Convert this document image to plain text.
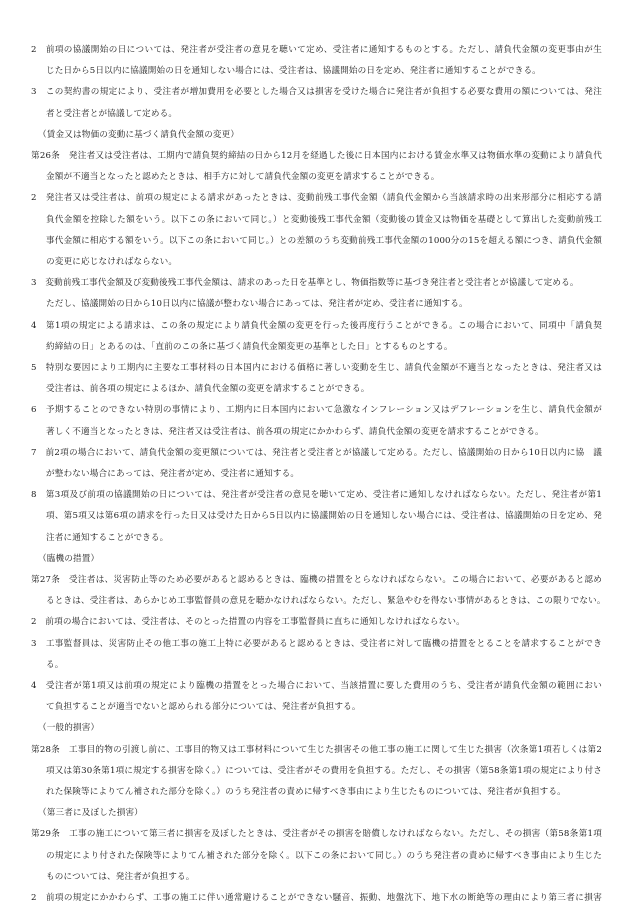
2　前項の協議開始の日については、発注者が受注者の意見を聴いて定め、受注者に通知するものとする。ただし、請負代金額の変更事由が生
じた日から5日以内に協議開始の日を通知しない場合には、受注者は、協議開始の日を定め、発注者に通知することができる。
3　この契約書の規定により、受注者が増加費用を必要とした場合又は損害を受けた場合に発注者が負担する必要な費用の額については、発注
者と受注者とが協議して定める。
（賃金又は物価の変動に基づく請負代金額の変更）
第26条　発注者又は受注者は、工期内で請負契約締結の日から12月を経過した後に日本国内における賃金水準又は物価水準の変動により請負代
金額が不適当となったと認めたときは、相手方に対して請負代金額の変更を請求することができる。
2　発注者又は受注者は、前項の規定による請求があったときは、変動前残工事代金額（請負代金額から当該請求時の出来形部分に相応する請
負代金額を控除した額をいう。以下この条において同じ。）と変動後残工事代金額（変動後の賃金又は物価を基礎として算出した変動前残工
事代金額に相応する額をいう。以下この条において同じ。）との差額のうち変動前残工事代金額の1000分の15を超える額につき、請負代金額
の変更に応じなければならない。
3　変動前残工事代金額及び変動後残工事代金額は、請求のあった日を基準とし、物価指数等に基づき発注者と受注者とが協議して定める。
ただし、協議開始の日から10日以内に協議が整わない場合にあっては、発注者が定め、受注者に通知する。
4　第1項の規定による請求は、この条の規定により請負代金額の変更を行った後再度行うことができる。この場合において、同項中「請負契
約締結の日」とあるのは、「直前のこの条に基づく請負代金額変更の基準とした日」とするものとする。
5　特別な要因により工期内に主要な工事材料の日本国内における価格に著しい変動を生じ、請負代金額が不適当となったときは、発注者又は
受注者は、前各項の規定によるほか、請負代金額の変更を請求することができる。
6　予期することのできない特別の事情により、工期内に日本国内において急激なインフレーション又はデフレーションを生じ、請負代金額が
著しく不適当となったときは、発注者又は受注者は、前各項の規定にかかわらず、請負代金額の変更を請求することができる。
7　前2項の場合において、請負代金額の変更額については、発注者と受注者とが協議して定める。ただし、協議開始の日から10日以内に協　議
が整わない場合にあっては、発注者が定め、受注者に通知する。
8　第3項及び前項の協議開始の日については、発注者が受注者の意見を聴いて定め、受注者に通知しなければならない。ただし、発注者が第1
項、第5項又は第6項の請求を行った日又は受けた日から5日以内に協議開始の日を通知しない場合には、受注者は、協議開始の日を定め、発
注者に通知することができる。
（臨機の措置）
第27条　受注者は、災害防止等のため必要があると認めるときは、臨機の措置をとらなければならない。この場合において、必要があると認め
るときは、受注者は、あらかじめ工事監督員の意見を聴かなければならない。ただし、緊急やむを得ない事情があるときは、この限りでない。
2　前項の場合においては、受注者は、そのとった措置の内容を工事監督員に直ちに通知しなければならない。
3　工事監督員は、災害防止その他工事の施工上特に必要があると認めるときは、受注者に対して臨機の措置をとることを請求することができ
る。
4　受注者が第1項又は前項の規定により臨機の措置をとった場合において、当該措置に要した費用のうち、受注者が請負代金額の範囲におい
て負担することが適当でないと認められる部分については、発注者が負担する。
（一般的損害）
第28条　工事目的物の引渡し前に、工事目的物又は工事材料について生じた損害その他工事の施工に関して生じた損害（次条第1項若しくは第2
項又は第30条第1項に規定する損害を除く。）については、受注者がその費用を負担する。ただし、その損害（第58条第1項の規定により付さ
れた保険等によりてん補された部分を除く。）のうち発注者の責めに帰すべき事由により生じたものについては、発注者が負担する。
（第三者に及ぼした損害）
第29条　工事の施工について第三者に損害を及ぼしたときは、受注者がその損害を賠償しなければならない。ただし、その損害（第58条第1項
の規定により付された保険等によりてん補された部分を除く。以下この条において同じ。）のうち発注者の責めに帰すべき事由により生じた
ものについては、発注者が負担する。
2　前項の規定にかかわらず、工事の施工に伴い通常避けることができない騒音、振動、地盤沈下、地下水の断絶等の理由により第三者に損害
